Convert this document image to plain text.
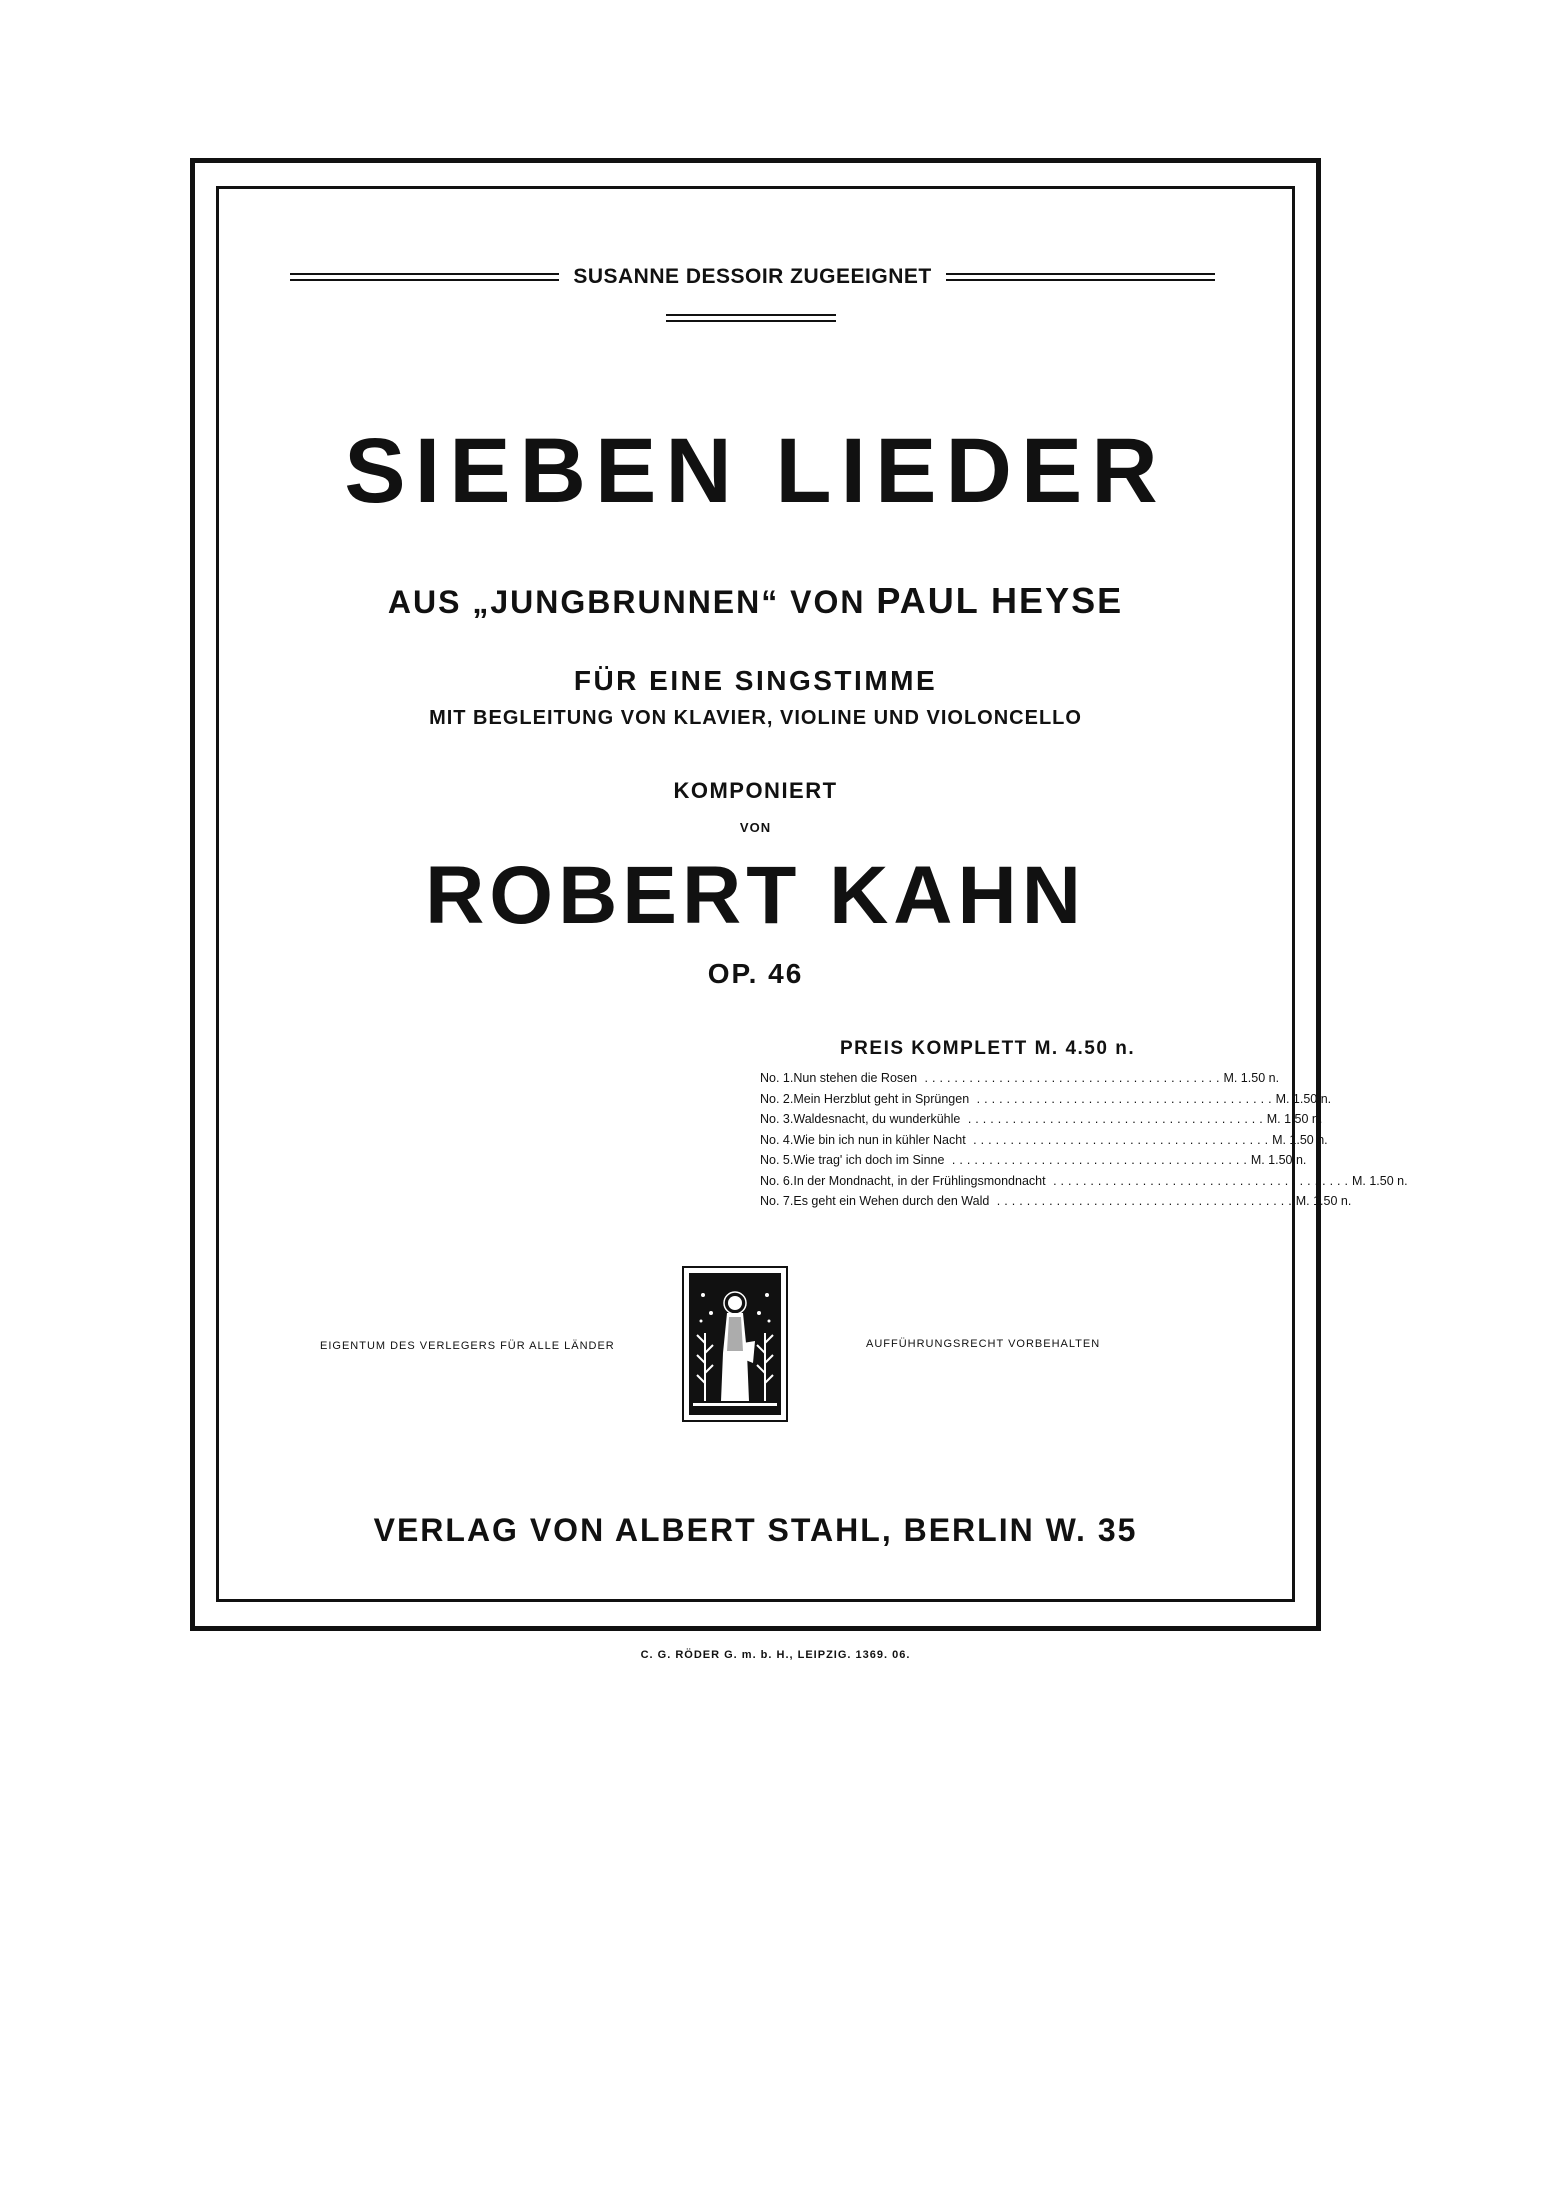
SUSANNE DESSOIR ZUGEEIGNET
SIEBEN LIEDER
AUS „JUNGBRUNNEN“ VON PAUL HEYSE
FÜR EINE SINGSTIMME
MIT BEGLEITUNG VON KLAVIER, VIOLINE UND VIOLONCELLO
KOMPONIERT
VON
ROBERT KAHN
OP. 46
PREIS KOMPLETT M. 4.50 n.
No. 1. Nun stehen die Rosen ........................................ M. 1.50 n.
No. 2. Mein Herzblut geht in Sprüngen ........................................ M. 1.50 n.
No. 3. Waldesnacht, du wunderkühle ........................................ M. 1.50 n.
No. 4. Wie bin ich nun in kühler Nacht ........................................ M. 1.50 n.
No. 5. Wie trag' ich doch im Sinne ........................................ M. 1.50 n.
No. 6. In der Mondnacht, in der Frühlingsmondnacht ........................................ M. 1.50 n.
No. 7. Es geht ein Wehen durch den Wald ........................................ M. 1.50 n.
EIGENTUM DES VERLEGERS FÜR ALLE LÄNDER	AUFFÜHRUNGSRECHT VORBEHALTEN
VERLAG VON ALBERT STAHL, BERLIN W. 35
C. G. RÖDER G. m. b. H., LEIPZIG. 1369. 06.
